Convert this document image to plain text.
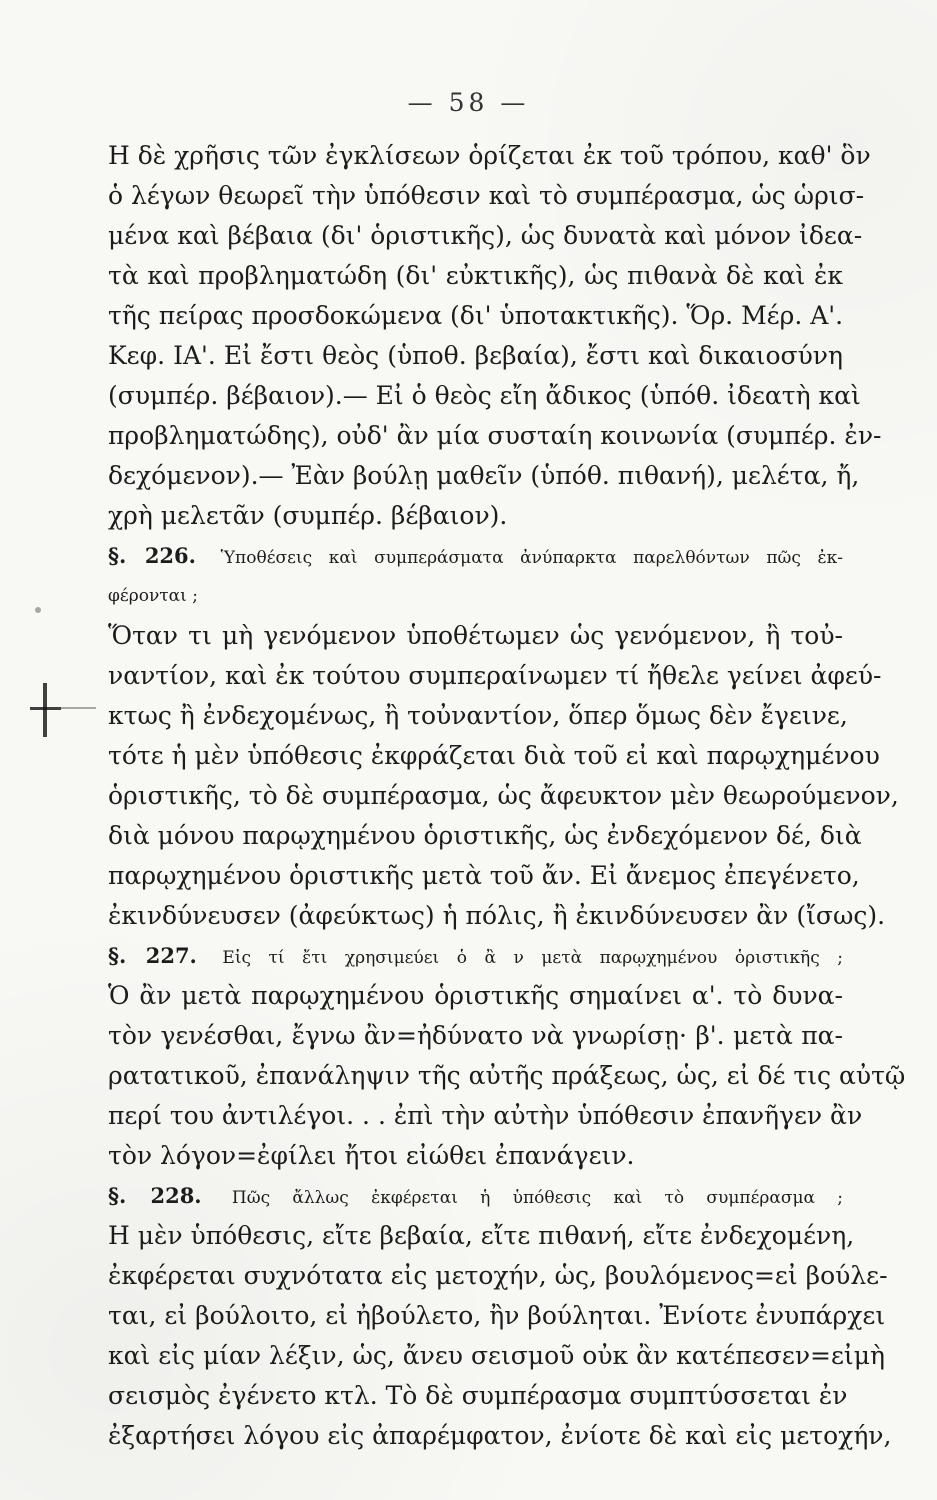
— 58 —
Η δὲ χρῆσις τῶν ἐγκλίσεων ὁρίζεται ἐκ τοῦ τρόπου, καθ' ὃν
ὁ λέγων θεωρεῖ τὴν ὑπόθεσιν καὶ τὸ συμπέρασμα, ὡς ὡρισ-
μένα καὶ βέβαια (δι' ὁριστικῆς), ὡς δυνατὰ καὶ μόνον ἰδεα-
τὰ καὶ προβληματώδη (δι' εὐκτικῆς), ὡς πιθανὰ δὲ καὶ ἐκ
τῆς πείρας προσδοκώμενα (δι' ὑποτακτικῆς). Ὅρ. Μέρ. Α'.
Κεφ. ΙΑ'. Εἰ ἔστι θεὸς (ὑποθ. βεβαία), ἔστι καὶ δικαιοσύνη
(συμπέρ. βέβαιον).— Εἰ ὁ θεὸς εἴη ἄδικος (ὑπόθ. ἰδεατὴ καὶ
προβληματώδης), οὐδ' ἂν μία συσταίη κοινωνία (συμπέρ. ἐν-
δεχόμενον).— Ἐὰν βούλῃ μαθεῖν (ὑπόθ. πιθανή), μελέτα, ἤ,
χρὴ μελετᾶν (συμπέρ. βέβαιον).
§. 226. Ὑποθέσεις καὶ συμπεράσματα ἀνύπαρκτα παρελθόντων πῶς ἐκ-
φέρονται ;
Ὅταν τι μὴ γενόμενον ὑποθέτωμεν ὡς γενόμενον, ἢ τοὐ-
ναντίον, καὶ ἐκ τούτου συμπεραίνωμεν τί ἤθελε γείνει ἀφεύ-
κτως ἢ ἐνδεχομένως, ἢ τοὐναντίον, ὅπερ ὅμως δὲν ἔγεινε,
τότε ἡ μὲν ὑπόθεσις ἐκφράζεται διὰ τοῦ εἰ καὶ παρῳχημένου
ὁριστικῆς, τὸ δὲ συμπέρασμα, ὡς ἄφευκτον μὲν θεωρούμενον,
διὰ μόνου παρῳχημένου ὁριστικῆς, ὡς ἐνδεχόμενον δέ, διὰ
παρῳχημένου ὁριστικῆς μετὰ τοῦ ἄν. Εἰ ἄνεμος ἐπεγένετο,
ἐκινδύνευσεν (ἀφεύκτως) ἡ πόλις, ἢ ἐκινδύνευσεν ἂν (ἴσως).
§. 227. Εἰς τί ἔτι χρησιμεύει ὁ ἂ ν μετὰ παρῳχημένου ὁριστικῆς ;
Ὁ ἂν μετὰ παρῳχημένου ὁριστικῆς σημαίνει α'. τὸ δυνα-
τὸν γενέσθαι, ἔγνω ἂν=ἠδύνατο νὰ γνωρίσῃ· β'. μετὰ πα-
ρατατικοῦ, ἐπανάληψιν τῆς αὐτῆς πράξεως, ὡς, εἰ δέ τις αὐτῷ
περί του ἀντιλέγοι. . . ἐπὶ τὴν αὐτὴν ὑπόθεσιν ἐπανῆγεν ἂν
τὸν λόγον=ἐφίλει ἤτοι εἰώθει ἐπανάγειν.
§. 228. Πῶς ἄλλως ἐκφέρεται ἡ ὑπόθεσις καὶ τὸ συμπέρασμα ;
Η μὲν ὑπόθεσις, εἴτε βεβαία, εἴτε πιθανή, εἴτε ἐνδεχομένη,
ἐκφέρεται συχνότατα εἰς μετοχήν, ὡς, βουλόμενος=εἰ βούλε-
ται, εἰ βούλοιτο, εἰ ἠβούλετο, ἢν βούληται. Ἐνίοτε ἐνυπάρχει
καὶ εἰς μίαν λέξιν, ὡς, ἄνευ σεισμοῦ οὐκ ἂν κατέπεσεν=εἰμὴ
σεισμὸς ἐγένετο κτλ. Τὸ δὲ συμπέρασμα συμπτύσσεται ἐν
ἐξαρτήσει λόγου εἰς ἀπαρέμφατον, ἐνίοτε δὲ καὶ εἰς μετοχήν,
